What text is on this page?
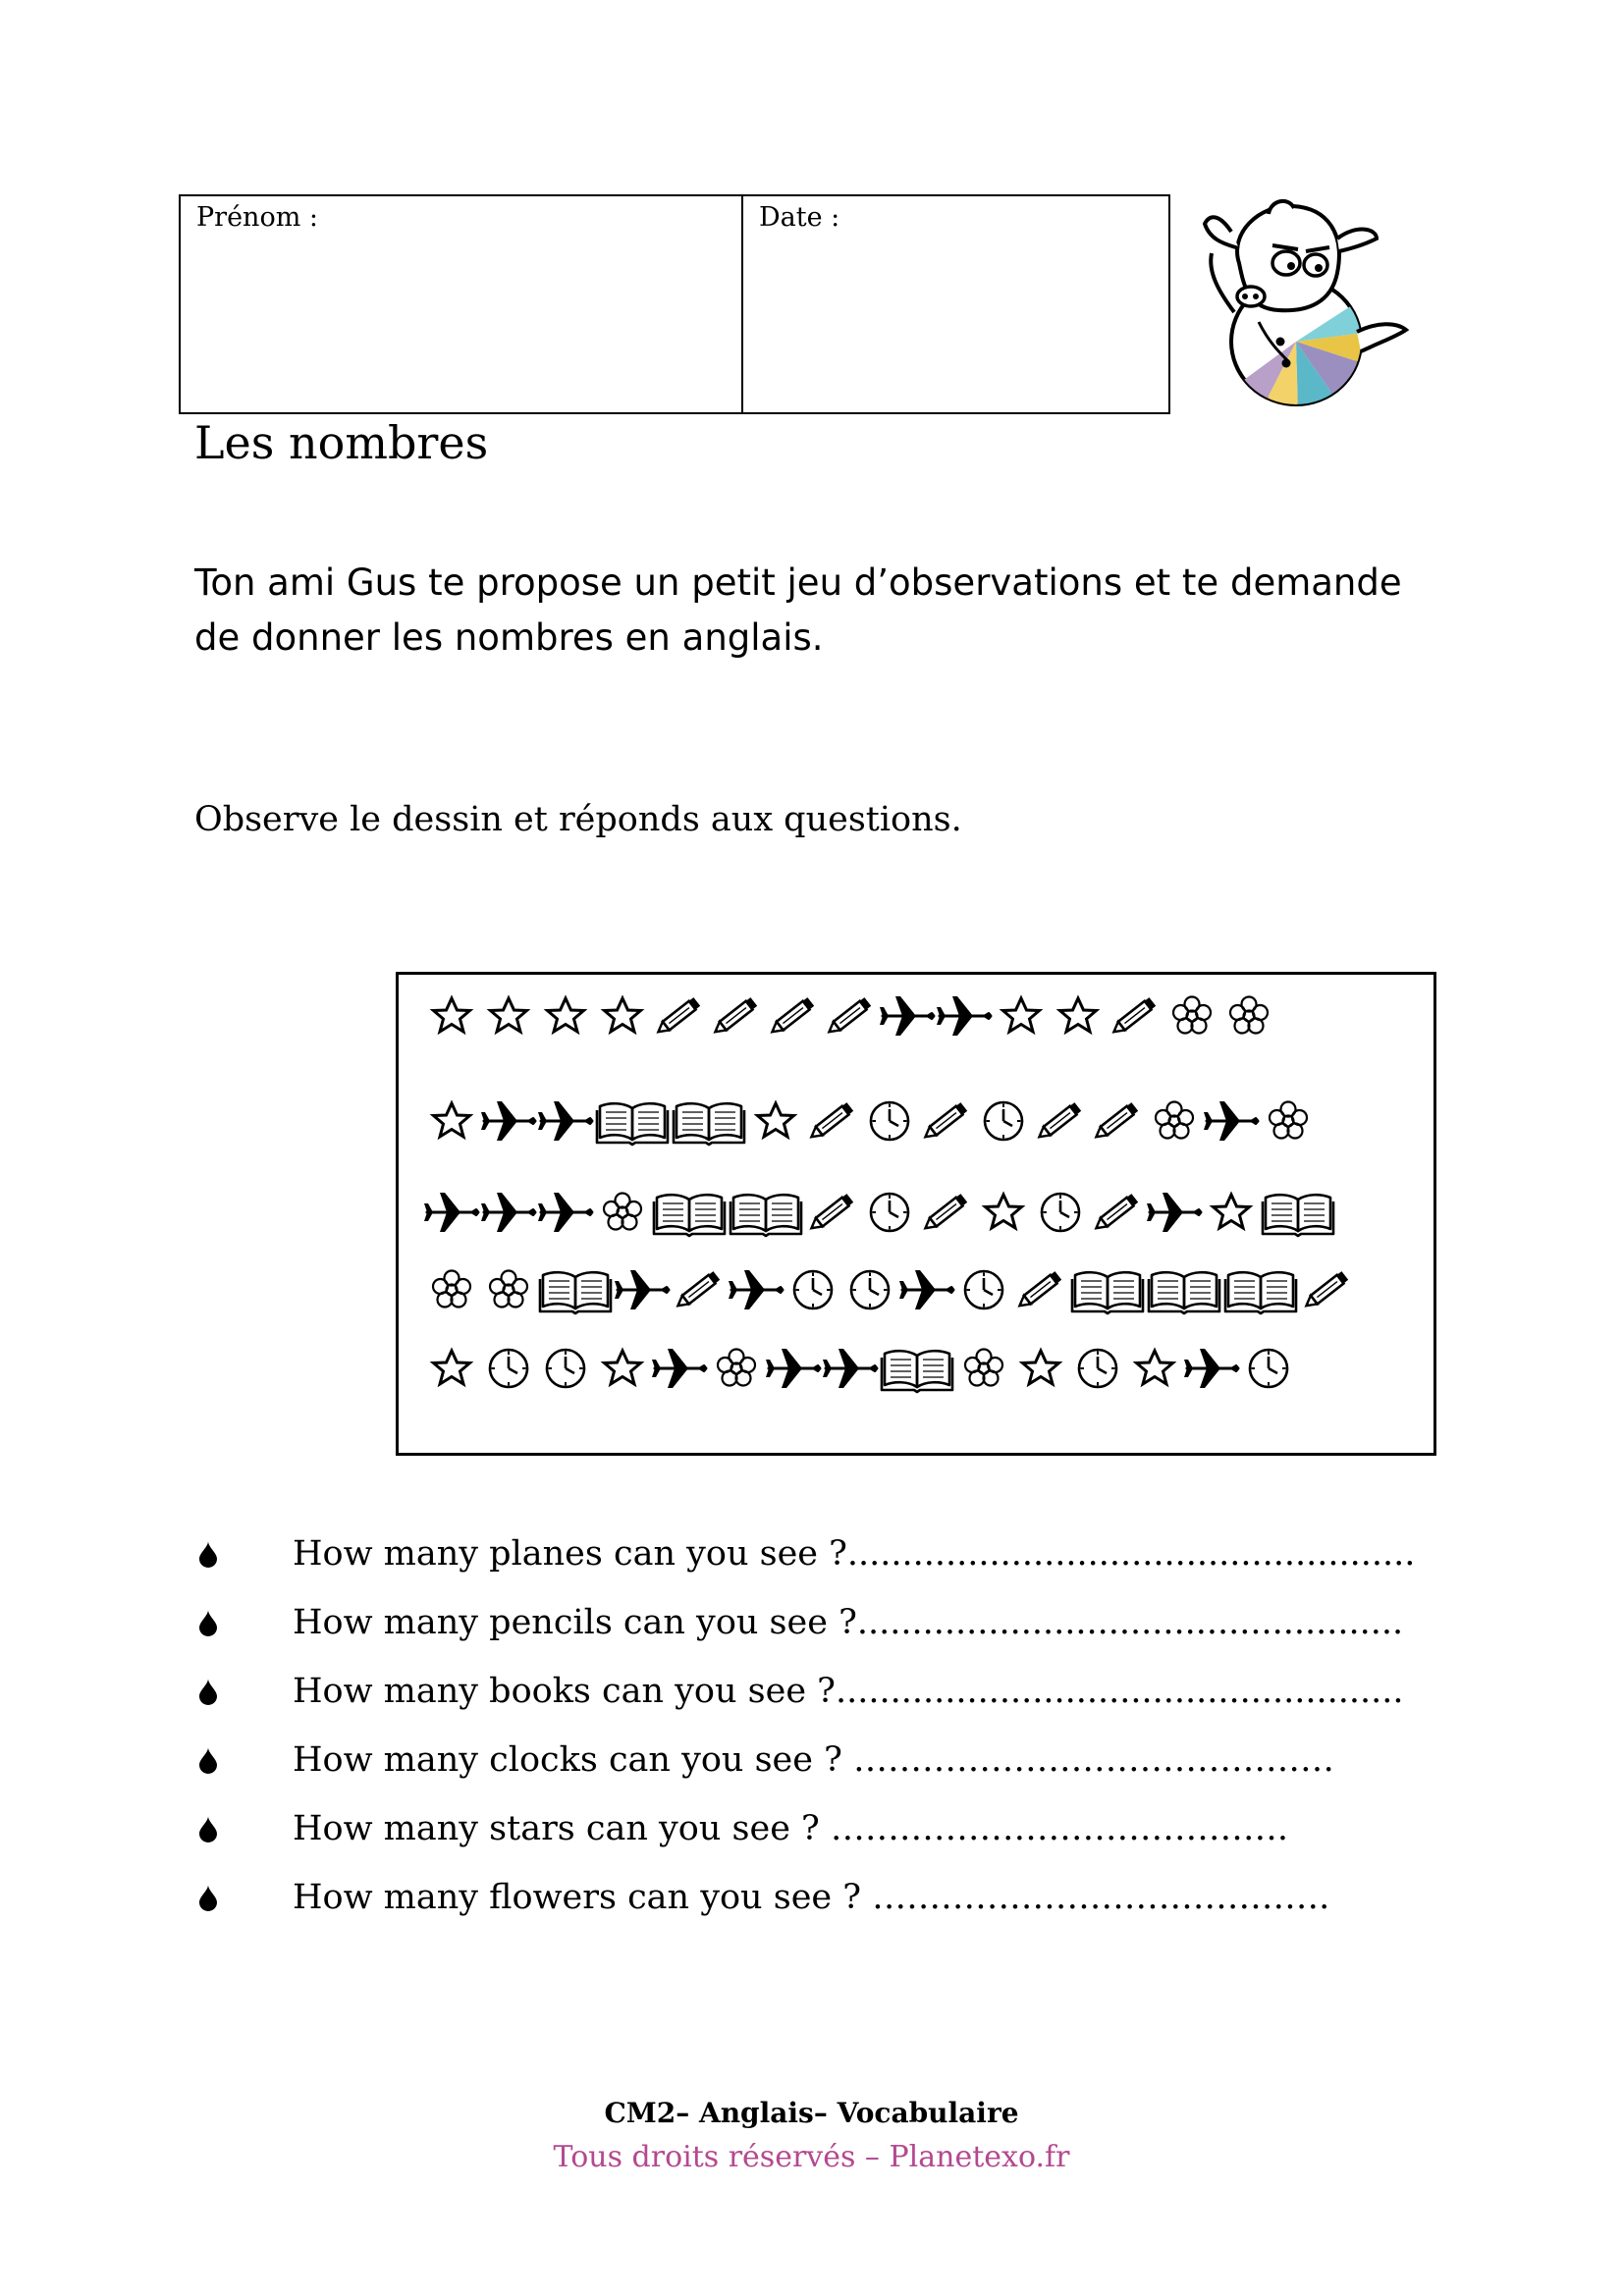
Prénom :	Date :
Les nombres
Ton ami Gus te propose un petit jeu d’observations et te demande de donner les nombres en anglais.
Observe le dessin et réponds aux questions.
How many planes can you see ?....................................................
How many pencils can you see ?..................................................
How many books can you see ?....................................................
How many clocks can you see ? ……………………………………
How many stars can you see ? ………………………………….
How many flowers can you see ? ………………………………….
CM2– Anglais– Vocabulaire
Tous droits réservés – Planetexo.fr
